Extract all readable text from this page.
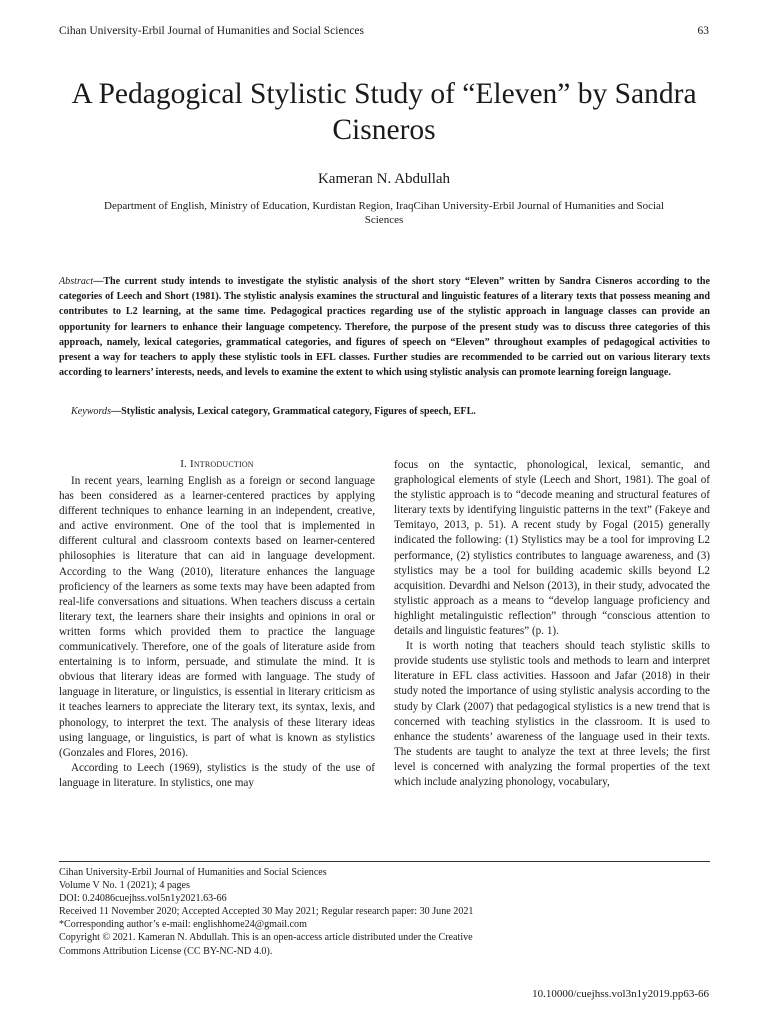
Cihan University-Erbil Journal of Humanities and Social Sciences	63
A Pedagogical Stylistic Study of “Eleven” by Sandra Cisneros
Kameran N. Abdullah
Department of English, Ministry of Education, Kurdistan Region, IraqCihan University-Erbil Journal of Humanities and Social Sciences
Abstract—The current study intends to investigate the stylistic analysis of the short story “Eleven” written by Sandra Cisneros according to the categories of Leech and Short (1981). The stylistic analysis examines the structural and linguistic features of a literary texts that possess meaning and contributes to L2 learning, at the same time. Pedagogical practices regarding use of the stylistic approach in language classes can provide an opportunity for learners to enhance their language competency. Therefore, the purpose of the present study was to discuss three categories of this approach, namely, lexical categories, grammatical categories, and figures of speech on “Eleven” throughout examples of pedagogical activities to present a way for teachers to apply these stylistic tools in EFL classes. Further studies are recommended to be carried out on various literary texts according to learners’ interests, needs, and levels to examine the extent to which using stylistic analysis can promote learning foreign language.
Keywords—Stylistic analysis, Lexical category, Grammatical category, Figures of speech, EFL.
I. Introduction

In recent years, learning English as a foreign or second language has been considered as a learner-centered practices by applying different techniques to enhance learning in an independent, creative, and active environment. One of the tool that is implemented in different cultural and classroom contexts based on learner-centered philosophies is literature that can aid in language development. According to the Wang (2010), literature enhances the language proficiency of the learners as some texts may have been adapted from real-life conversations and situations. When teachers discuss a certain literary text, the learners share their insights and opinions in oral or written forms which provided them to practice the language communicatively. Therefore, one of the goals of literature aside from entertaining is to inform, persuade, and stimulate the mind. It is obvious that literary ideas are formed with language. The study of language in literature, or linguistics, is essential in literary criticism as it teaches learners to appreciate the literary text, its syntax, lexis, and phonology, to interpret the text. The analysis of these literary ideas using language, or linguistics, is part of what is known as stylistics (Gonzales and Flores, 2016).

According to Leech (1969), stylistics is the study of the use of language in literature. In stylistics, one may

focus on the syntactic, phonological, lexical, semantic, and graphological elements of style (Leech and Short, 1981). The goal of the stylistic approach is to “decode meaning and structural features of literary texts by identifying linguistic patterns in the text” (Fakeye and Temitayo, 2013, p. 51). A recent study by Fogal (2015) generally indicated the following: (1) Stylistics may be a tool for improving L2 performance, (2) stylistics contributes to language awareness, and (3) stylistics may be a tool for building academic skills beyond L2 acquisition. Devardhi and Nelson (2013), in their study, advocated the stylistic approach as a means to “develop language proficiency and highlight metalinguistic reflection” through “conscious attention to details and linguistic features” (p. 1).

It is worth noting that teachers should teach stylistic skills to provide students use stylistic tools and methods to learn and interpret literature in EFL class activities. Hassoon and Jafar (2018) in their study noted the importance of using stylistic analysis according to the study by Clark (2007) that pedagogical stylistics is a new trend that is concerned with teaching stylistics in the classroom. It is used to enhance the students’ awareness of the language used in their texts. The students are taught to analyze the text at three levels; the first level is concerned with analyzing the formal properties of the text which include analyzing phonology, vocabulary,

Cihan University-Erbil Journal of Humanities and Social Sciences
Volume V No. 1 (2021); 4 pages
DOI: 0.24086cuejhss.vol5n1y2021.63-66
Received 11 November 2020; Accepted Accepted 30 May 2021; Regular research paper: 30 June 2021
*Corresponding author’s e-mail: englishhome24@gmail.com
Copyright © 2021. Kameran N. Abdullah. This is an open-access article distributed under the Creative
Commons Attribution License (CC BY-NC-ND 4.0).
10.10000/cuejhss.vol3n1y2019.pp63-66
